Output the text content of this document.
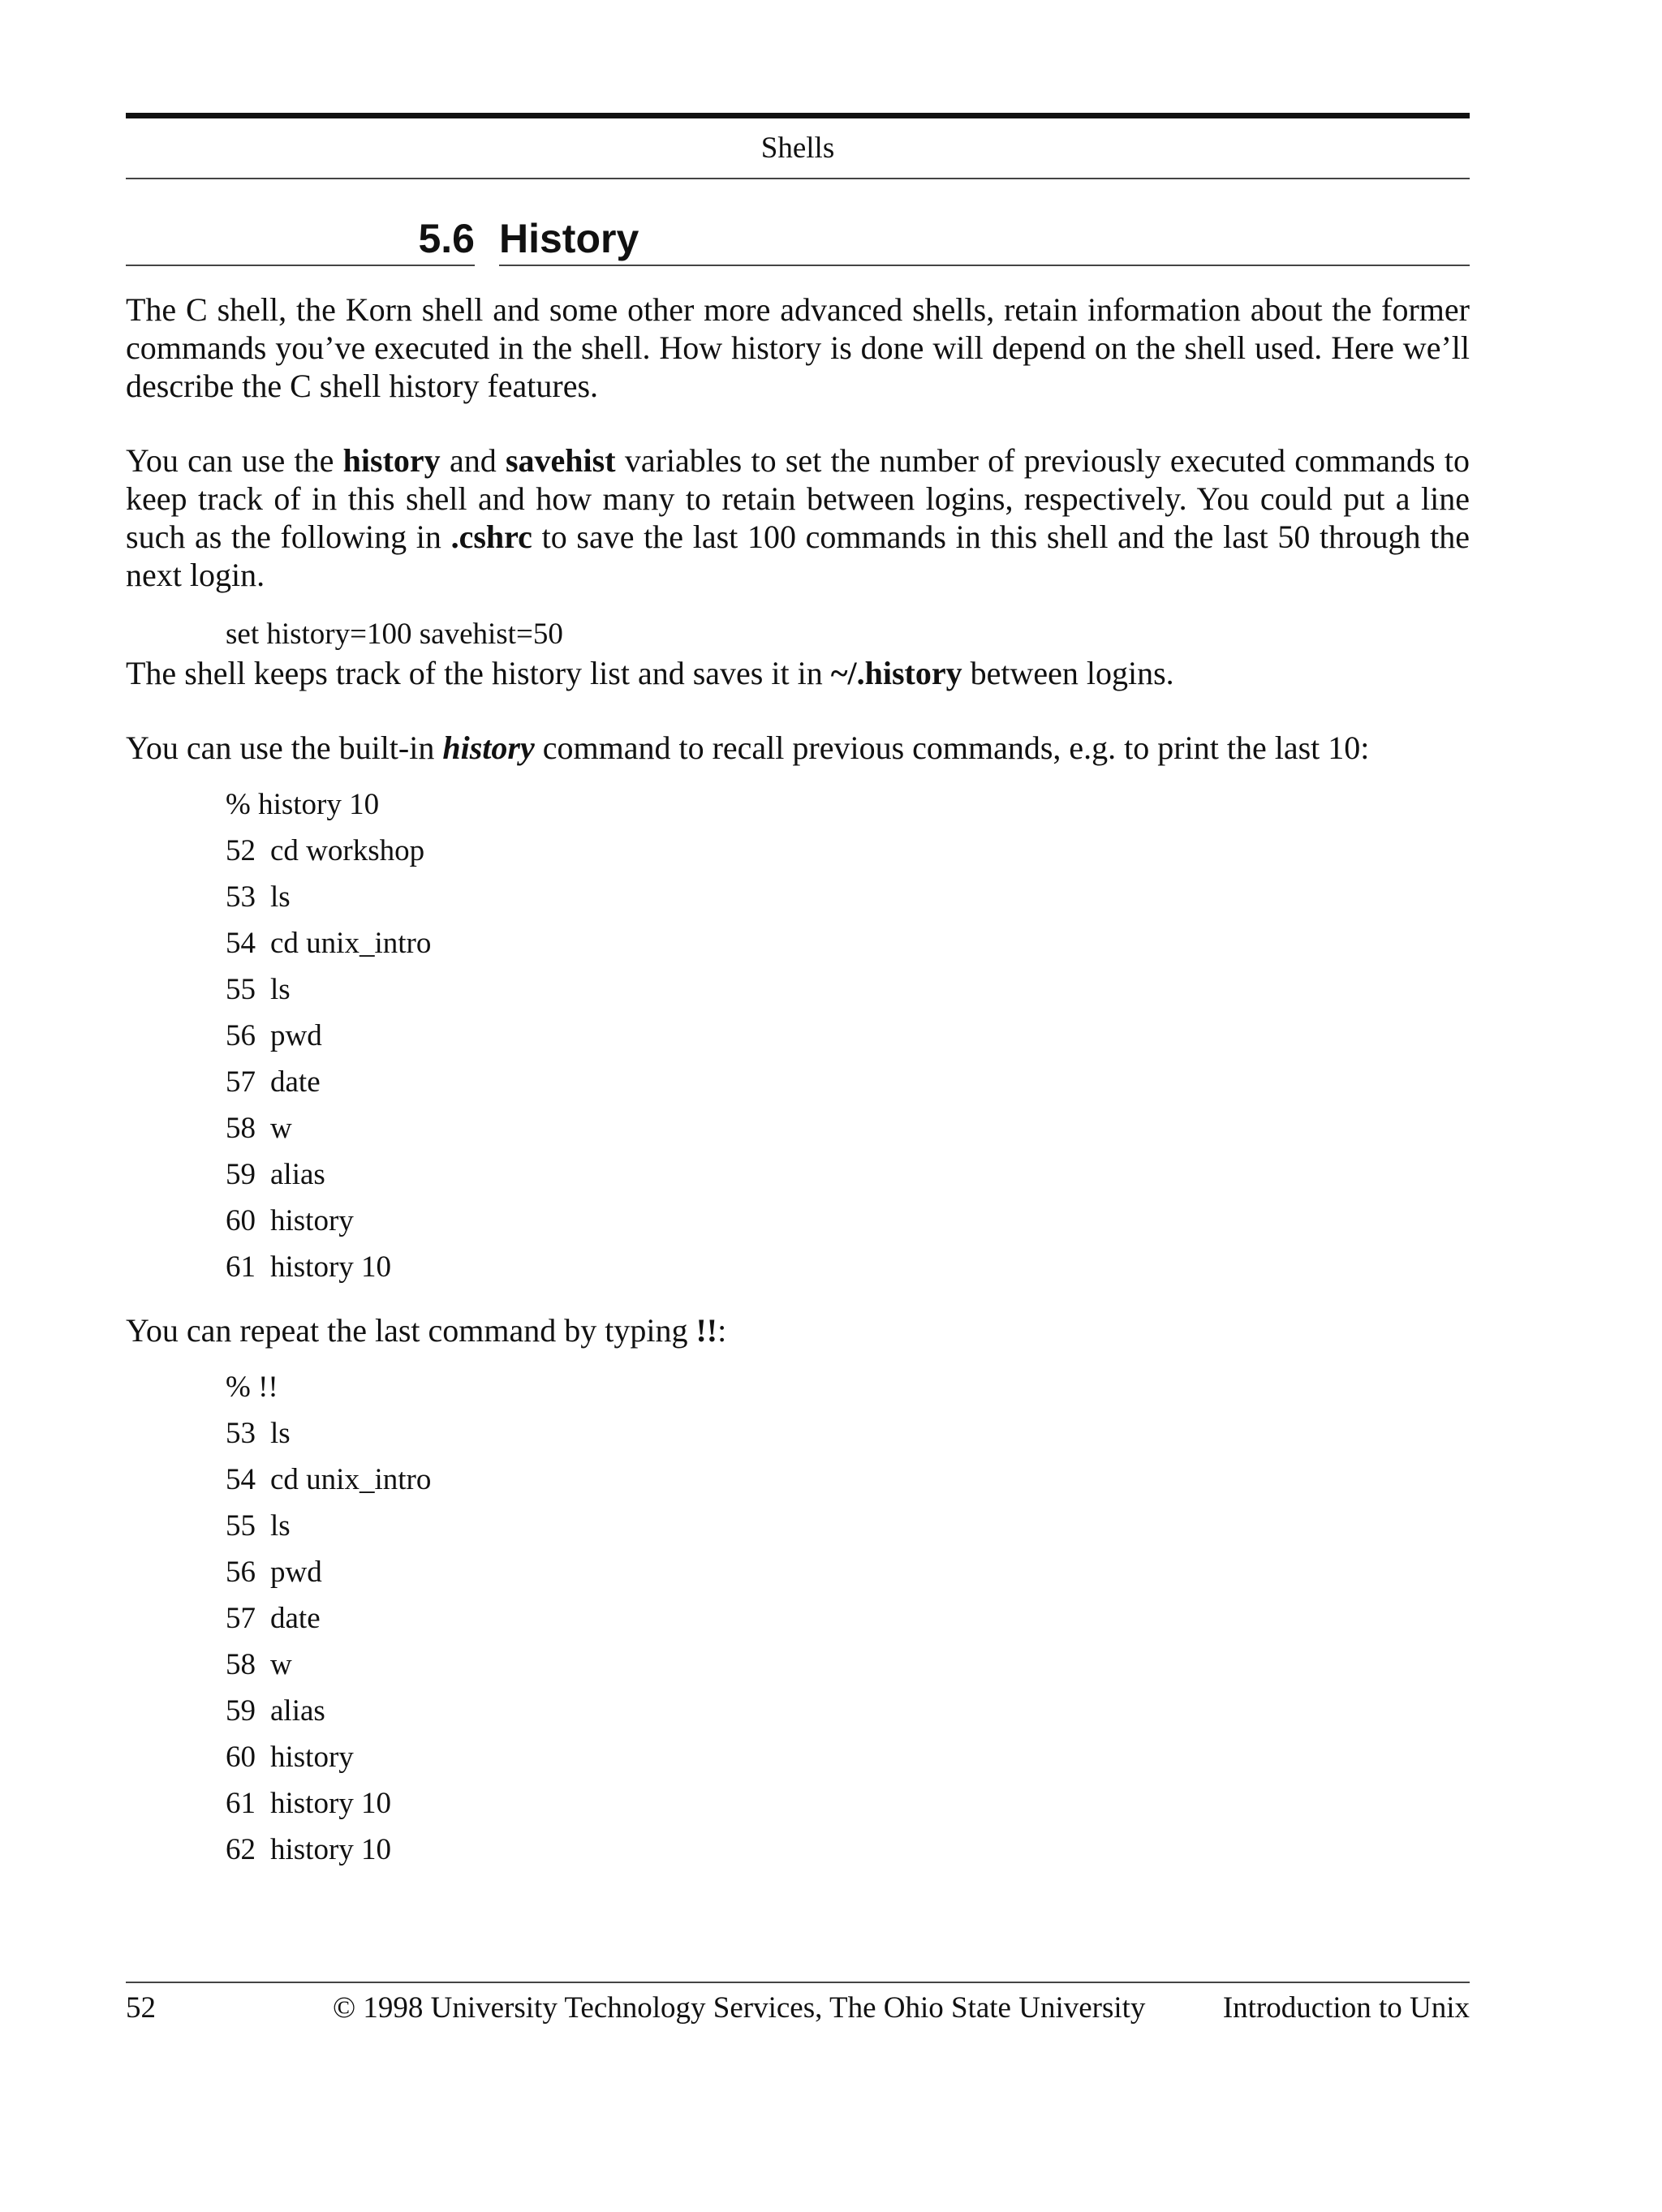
Shells
5.6 History

The C shell, the Korn shell and some other more advanced shells, retain information about the former commands you’ve executed in the shell. How history is done will depend on the shell used. Here we’ll describe the C shell history features.

You can use the history and savehist variables to set the number of previously executed commands to keep track of in this shell and how many to retain between logins, respectively. You could put a line such as the following in .cshrc to save the last 100 commands in this shell and the last 50 through the next login.

set history=100 savehist=50

The shell keeps track of the history list and saves it in ~/.history between logins.

You can use the built-in history command to recall previous commands, e.g. to print the last 10:

% history 10
52 cd workshop
53 ls
54 cd unix_intro
55 ls
56 pwd
57 date
58 w
59 alias
60 history
61 history 10

You can repeat the last command by typing !!:

% !!
53 ls
54 cd unix_intro
55 ls
56 pwd
57 date
58 w
59 alias
60 history
61 history 10
62 history 10
52	© 1998 University Technology Services, The Ohio State University	Introduction to Unix
